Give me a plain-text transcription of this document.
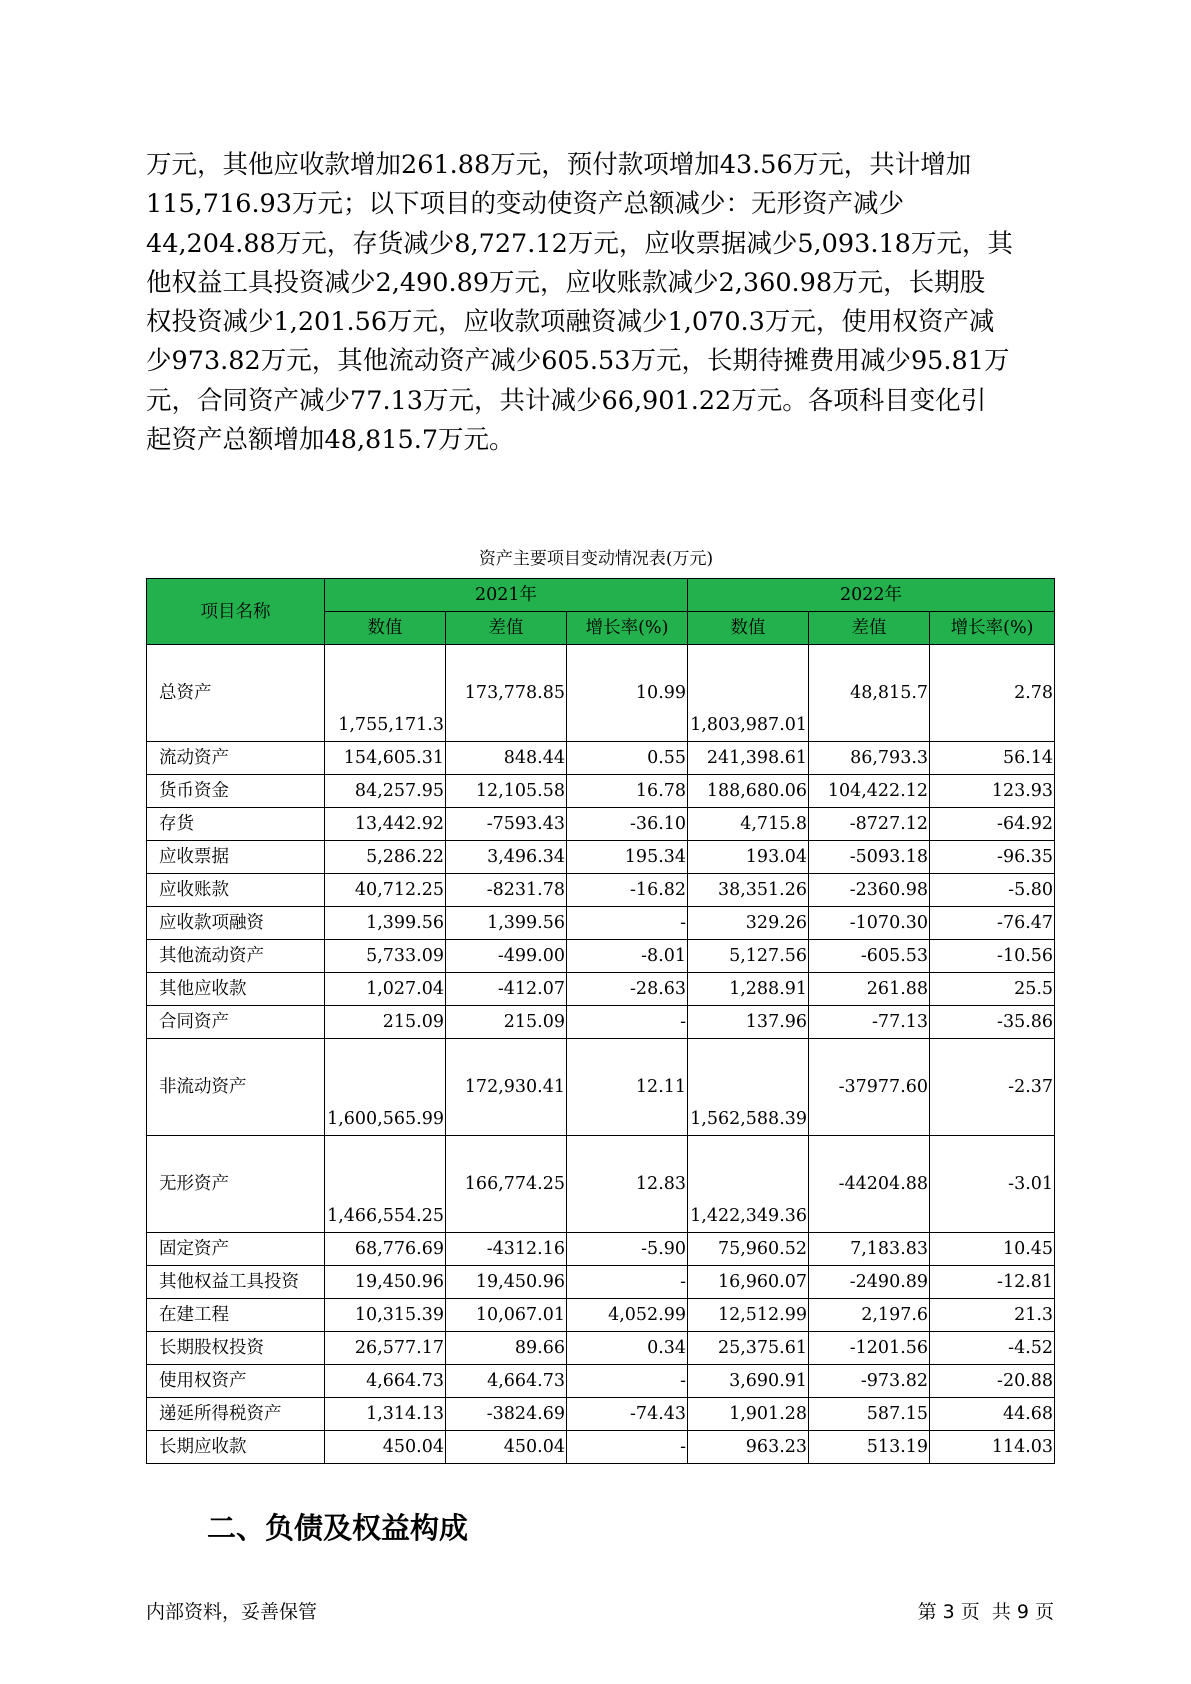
万元，其他应收款增加261.88万元，预付款项增加43.56万元，共计增加
115,716.93万元；以下项目的变动使资产总额减少：无形资产减少
44,204.88万元，存货减少8,727.12万元，应收票据减少5,093.18万元，其
他权益工具投资减少2,490.89万元，应收账款减少2,360.98万元，长期股
权投资减少1,201.56万元，应收款项融资减少1,070.3万元，使用权资产减
少973.82万元，其他流动资产减少605.53万元，长期待摊费用减少95.81万
元，合同资产减少77.13万元，共计减少66,901.22万元。各项科目变化引
起资产总额增加48,815.7万元。
资产主要项目变动情况表(万元)
项目名称	2021年			2022年		
	数值	差值	增长率(%)	数值	差值	增长率(%)
总资产	1,755,171.3	173,778.85	10.99	1,803,987.01	48,815.7	2.78
流动资产	154,605.31	848.44	0.55	241,398.61	86,793.3	56.14
货币资金	84,257.95	12,105.58	16.78	188,680.06	104,422.12	123.93
存货	13,442.92	-7593.43	-36.10	4,715.8	-8727.12	-64.92
应收票据	5,286.22	3,496.34	195.34	193.04	-5093.18	-96.35
应收账款	40,712.25	-8231.78	-16.82	38,351.26	-2360.98	-5.80
应收款项融资	1,399.56	1,399.56	-	329.26	-1070.30	-76.47
其他流动资产	5,733.09	-499.00	-8.01	5,127.56	-605.53	-10.56
其他应收款	1,027.04	-412.07	-28.63	1,288.91	261.88	25.5
合同资产	215.09	215.09	-	137.96	-77.13	-35.86
非流动资产	1,600,565.99	172,930.41	12.11	1,562,588.39	-37977.60	-2.37
无形资产	1,466,554.25	166,774.25	12.83	1,422,349.36	-44204.88	-3.01
固定资产	68,776.69	-4312.16	-5.90	75,960.52	7,183.83	10.45
其他权益工具投资	19,450.96	19,450.96	-	16,960.07	-2490.89	-12.81
在建工程	10,315.39	10,067.01	4,052.99	12,512.99	2,197.6	21.3
长期股权投资	26,577.17	89.66	0.34	25,375.61	-1201.56	-4.52
使用权资产	4,664.73	4,664.73	-	3,690.91	-973.82	-20.88
递延所得税资产	1,314.13	-3824.69	-74.43	1,901.28	587.15	44.68
长期应收款	450.04	450.04	-	963.23	513.19	114.03
二、负债及权益构成
内部资料，妥善保管	第 3 页  共 9 页
